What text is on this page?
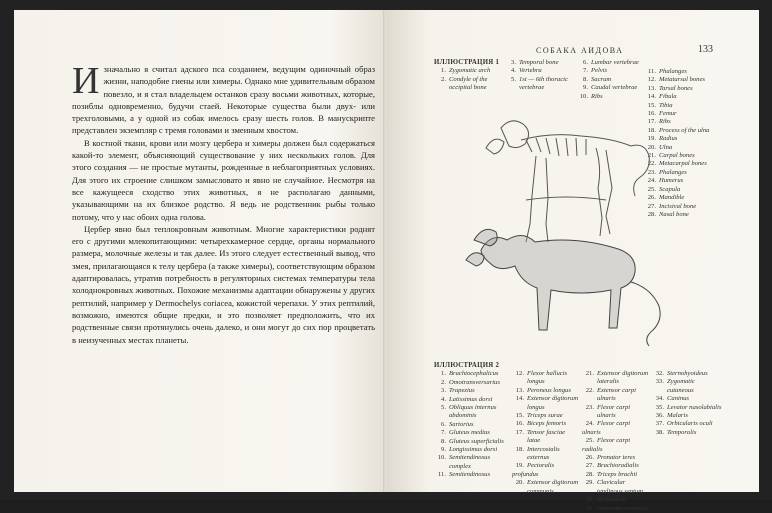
Изначально я считал адского пса созданием, ведущим одиночный образ жизни, наподобие гиены или химеры. Однако мне удивительным образом повезло, и я стал владельцем останков сразу восьми животных, которые, позиблы одновременно, будучи стаей. Некоторые существа были двух- или трехголовыми, а у одной из собак имелось сразу шесть голов. В манускрипте представлен экземпляр с тремя головами и змеиным хвостом.

В костной ткани, крови или мозгу цербера и химеры должен был содержаться какой-то элемент, объясняющий существование у них нескольких голов. Для этого создания — не простые мутанты, рожденные в неблагоприятных условиях. Для этого их строение слишком замысловато и явно не случайное. Несмотря на все кажущееся сходство этих животных, я не располагаю данными, указывающими на их близкое родство. Я ведь не родственник рыбы только потому, что у нас обоих одна голова.

Цербер явно был теплокровным животным. Многие характеристики роднят его с другими млекопитающими: четырехкамерное сердце, органы нормального размера, молочные железы и так далее. Из этого следует естественный вывод, что змея, прилагающаяся к телу цербера (а также химеры), соответствующим образом адаптировалась, утратив потребность в регуляторных системах температуры тела холоднокровных животных. Похожие механизмы адаптации обнаружены у других рептилий, например у Dermochelys coriacea, кожистой черепахи. У этих рептилий, возможно, имеются общие предки, и это позволяет предположить, что их родственные связи протянулись очень далеко, и они могут до сих пор процветать в неизученных местах планеты.

СОБАКА АИДОВА	133
ИЛЛЮСТРАЦИЯ 1
1. Zygomatic arch
2. Condyle of the
occipital bone
3. Temporal bone
4. Vertebra
5. 1st — 6th thoracic
vertebrae
6. Lumbar vertebrae
7. Pelvis
8. Sacrum
9. Caudal vertebrae
10. Ribs
11. Phalanges
12. Metatarsal bones
13. Tarsal bones
14. Fibula
15. Tibia
16. Femur
17. Ribs
18. Process of the ulna
19. Radius
20. Ulna
21. Carpal bones
22. Metacarpal bones
23. Phalanges
24. Humerus
25. Scapula
26. Mandible
27. Incisival bone
28. Nasal bone
ИЛЛЮСТРАЦИЯ 2
1. Brachiocephalicus
2. Omotransversarius
3. Trapezius
4. Latissimus dorsi
5. Obliquus internus
abdominis
6. Sartorius
7. Gluteus medius
8. Gluteus superficialis
9. Longissimus dorsi
10. Semitendinosus
complex
11. Semitendinosus
12. Flexor hallucis
longus
13. Peroneus longus
14. Extensor digitorum
longus
15. Triceps surae
16. Biceps femoris
17. Tensor fasciae
latae
18. Intercostalis
externus
19. Pectoralis profundus
20. Extensor digitorum
communis
21. Extensor digitorum
lateralis
22. Extensor carpi
ulnaris
23. Flexor carpi
ulnaris
24. Flexor carpi ulnaris
25. Flexor carpi radialis
26. Pronator teres
27. Brachioradialis
28. Triceps brachii
29. Clavicular
tendinous septum
30. Deltoideus
31. Omotransversarius
32. Sternohyoideus
33. Zygomatic
cutaneous
34. Caninus
35. Levator nasolabialis
36. Malaris
37. Orbicularis oculi
38. Temporalis
